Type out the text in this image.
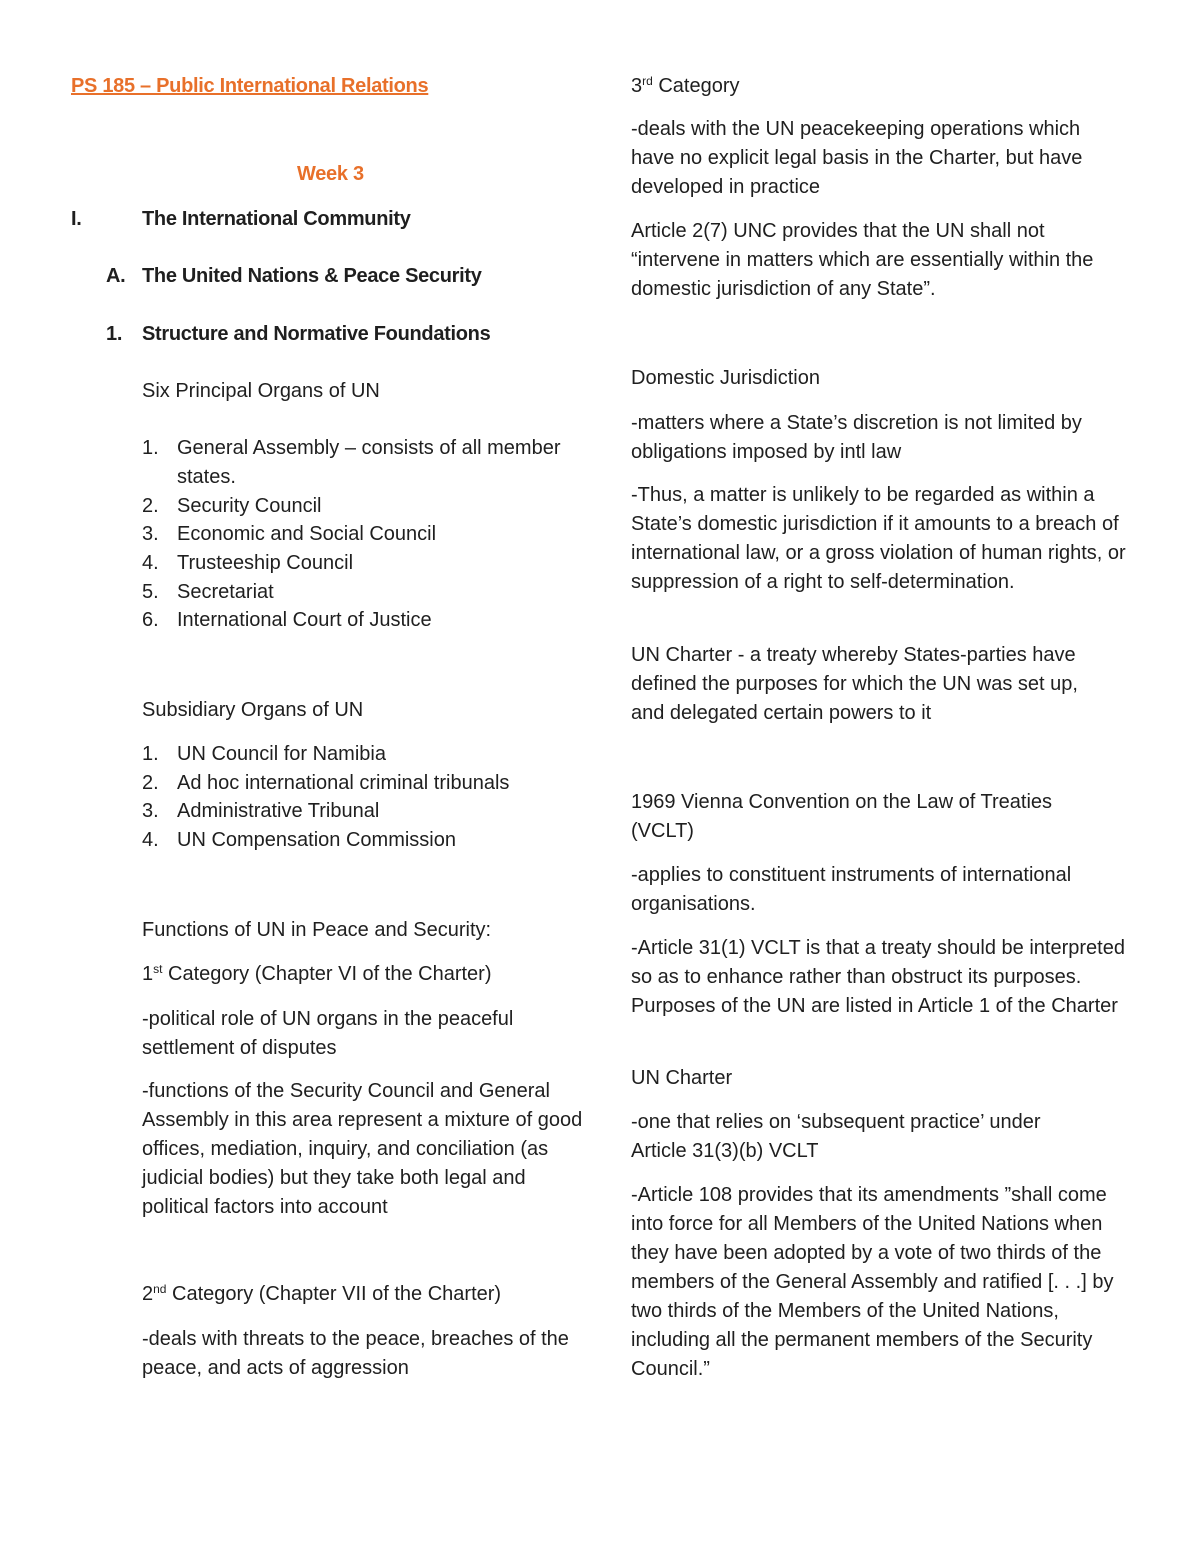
PS 185 – Public International Relations
Week 3
I.	The International Community
A. The United Nations & Peace Security
1. Structure and Normative Foundations
Six Principal Organs of UN
1. General Assembly – consists of all member states.
2. Security Council
3. Economic and Social Council
4. Trusteeship Council
5. Secretariat
6. International Court of Justice
Subsidiary Organs of UN
1. UN Council for Namibia
2. Ad hoc international criminal tribunals
3. Administrative Tribunal
4. UN Compensation Commission
Functions of UN in Peace and Security:
1st Category (Chapter VI of the Charter)
-political role of UN organs in the peaceful settlement of disputes
-functions of the Security Council and General Assembly in this area represent a mixture of good offices, mediation, inquiry, and conciliation (as judicial bodies) but they take both legal and political factors into account
2nd Category (Chapter VII of the Charter)
-deals with threats to the peace, breaches of the peace, and acts of aggression
3rd Category
-deals with the UN peacekeeping operations which have no explicit legal basis in the Charter, but have developed in practice
Article 2(7) UNC provides that the UN shall not “intervene in matters which are essentially within the domestic jurisdiction of any State”.
Domestic Jurisdiction
-matters where a State’s discretion is not limited by obligations imposed by intl law
-Thus, a matter is unlikely to be regarded as within a State’s domestic jurisdiction if it amounts to a breach of international law, or a gross violation of human rights, or suppression of a right to self-determination.
UN Charter - a treaty whereby States-parties have defined the purposes for which the UN was set up, and delegated certain powers to it
1969 Vienna Convention on the Law of Treaties (VCLT)
-applies to constituent instruments of international organisations.
-Article 31(1) VCLT is that a treaty should be interpreted so as to enhance rather than obstruct its purposes. Purposes of the UN are listed in Article 1 of the Charter
UN Charter
-one that relies on ‘subsequent practice’ under Article 31(3)(b) VCLT
-Article 108 provides that its amendments ”shall come into force for all Members of the United Nations when they have been adopted by a vote of two thirds of the members of the General Assembly and ratified [. . .] by two thirds of the Members of the United Nations, including all the permanent members of the Security Council.”
